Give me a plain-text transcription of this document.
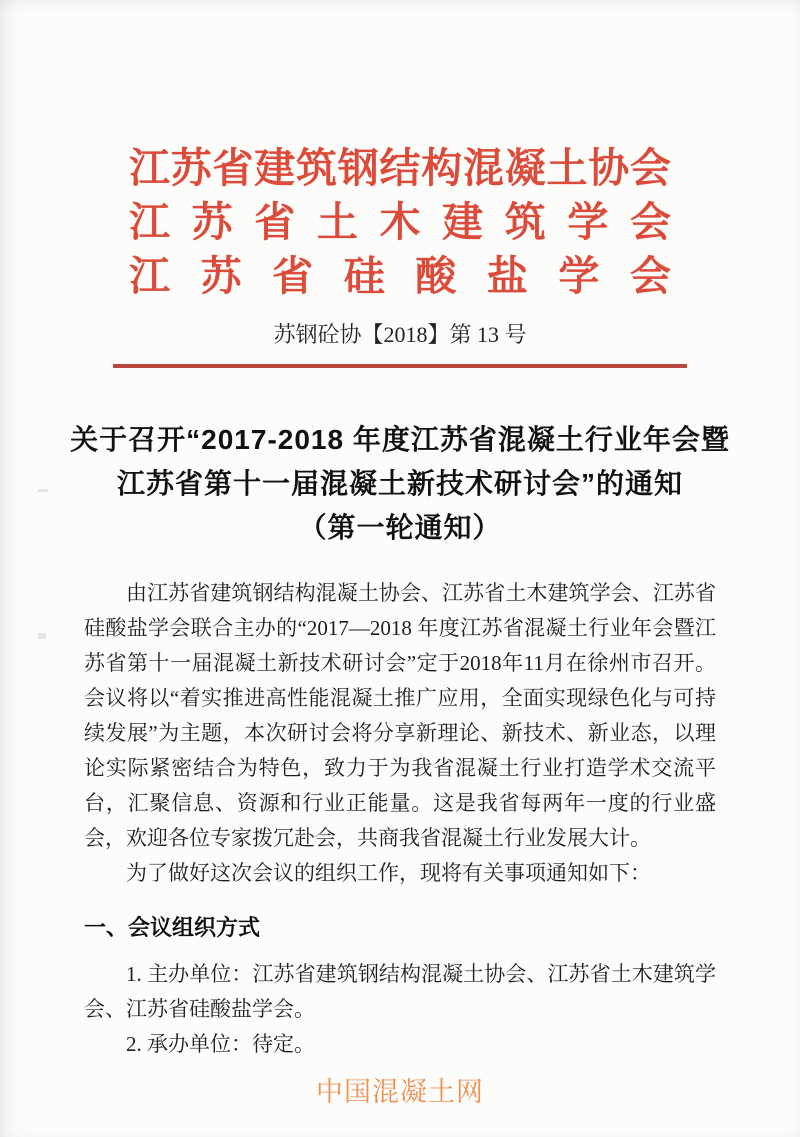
江苏省建筑钢结构混凝土协会
江苏省土木建筑学会
江苏省硅酸盐学会
苏钢砼协【2018】第 13 号
关于召开“2017-2018 年度江苏省混凝土行业年会暨
江苏省第十一届混凝土新技术研讨会”的通知
（第一轮通知）

由江苏省建筑钢结构混凝土协会、江苏省土木建筑学会、江苏省硅酸盐学会联合主办的“2017—2018 年度江苏省混凝土行业年会暨江苏省第十一届混凝土新技术研讨会”定于2018年11月在徐州市召开。会议将以“着实推进高性能混凝土推广应用，全面实现绿色化与可持续发展”为主题，本次研讨会将分享新理论、新技术、新业态，以理论实际紧密结合为特色，致力于为我省混凝土行业打造学术交流平台，汇聚信息、资源和行业正能量。这是我省每两年一度的行业盛会，欢迎各位专家拨冗赴会，共商我省混凝土行业发展大计。

为了做好这次会议的组织工作，现将有关事项通知如下：

一、会议组织方式

1. 主办单位：江苏省建筑钢结构混凝土协会、江苏省土木建筑学会、江苏省硅酸盐学会。

2. 承办单位：待定。

中国混凝土网
